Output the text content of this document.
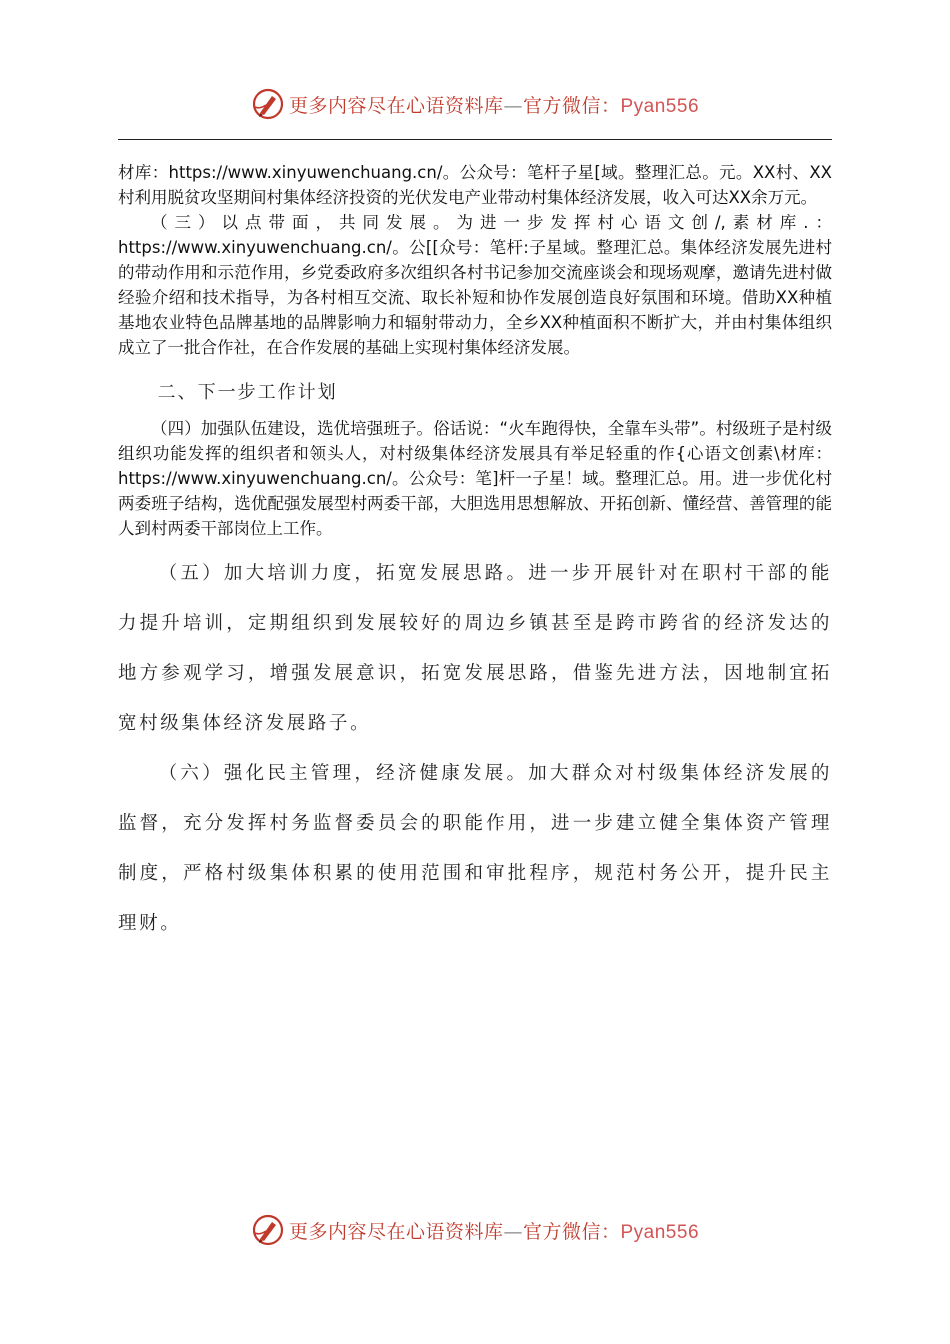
更多内容尽在心语资料库—官方微信：Pyan556

材库：https://www.xinyuwenchuang.cn/。公众号：笔杆子星[域。整理汇总。元。XX村、XX村利用脱贫攻坚期间村集体经济投资的光伏发电产业带动村集体经济发展，收入可达XX余万元。

（三）以点带面，共同发展。为进一步发挥村心语文创/,素材库.：https://www.xinyuwenchuang.cn/。公[[众号：笔杆:子星域。整理汇总。集体经济发展先进村的带动作用和示范作用，乡党委政府多次组织各村书记参加交流座谈会和现场观摩，邀请先进村做经验介绍和技术指导，为各村相互交流、取长补短和协作发展创造良好氛围和环境。借助XX种植基地农业特色品牌基地的品牌影响力和辐射带动力，全乡XX种植面积不断扩大，并由村集体组织成立了一批合作社，在合作发展的基础上实现村集体经济发展。

二、下一步工作计划

（四）加强队伍建设，选优培强班子。俗话说：“火车跑得快，全靠车头带”。村级班子是村级组织功能发挥的组织者和领头人，对村级集体经济发展具有举足轻重的作{心语文创素\材库：https://www.xinyuwenchuang.cn/。公众号：笔]杆一子星！域。整理汇总。用。进一步优化村两委班子结构，选优配强发展型村两委干部，大胆选用思想解放、开拓创新、懂经营、善管理的能人到村两委干部岗位上工作。

（五）加大培训力度，拓宽发展思路。进一步开展针对在职村干部的能力提升培训，定期组织到发展较好的周边乡镇甚至是跨市跨省的经济发达的地方参观学习，增强发展意识，拓宽发展思路，借鉴先进方法，因地制宜拓宽村级集体经济发展路子。

（六）强化民主管理，经济健康发展。加大群众对村级集体经济发展的监督，充分发挥村务监督委员会的职能作用，进一步建立健全集体资产管理制度，严格村级集体积累的使用范围和审批程序，规范村务公开，提升民主理财。

更多内容尽在心语资料库—官方微信：Pyan556
